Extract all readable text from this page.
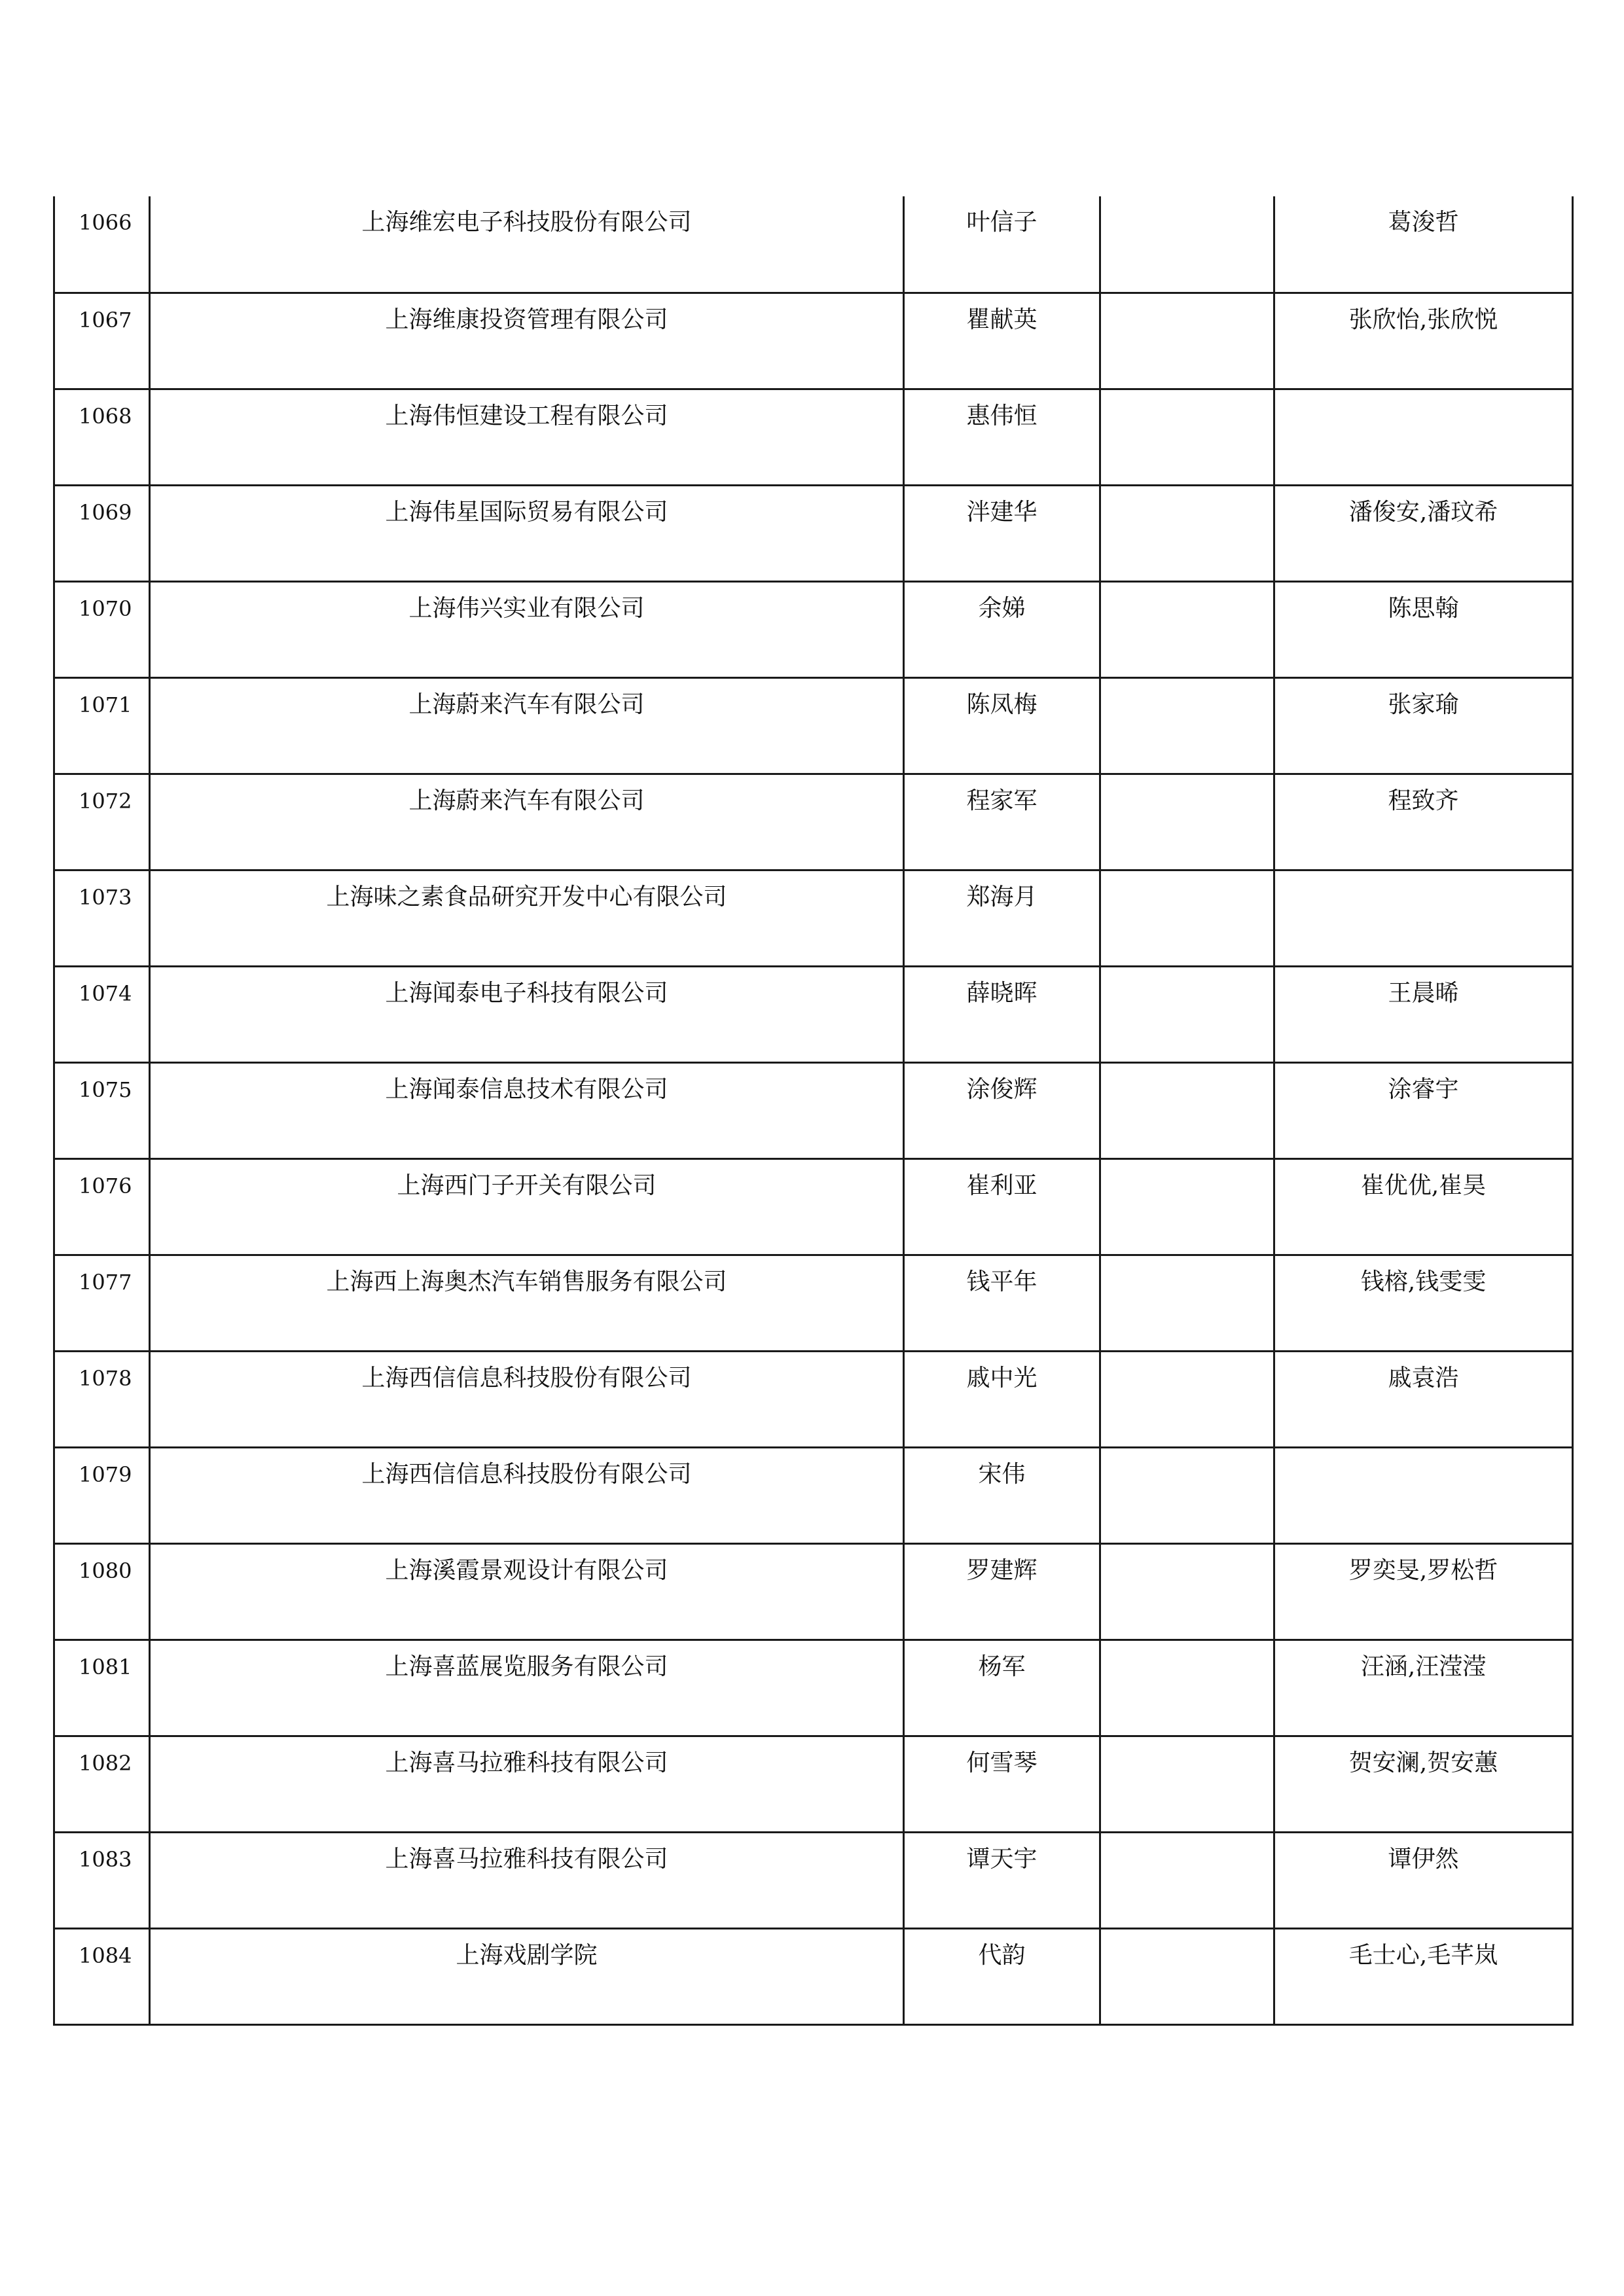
1066	上海维宏电子科技股份有限公司	叶信子		葛浚哲
1067	上海维康投资管理有限公司	瞿献英		张欣怡,张欣悦
1068	上海伟恒建设工程有限公司	惠伟恒		
1069	上海伟星国际贸易有限公司	泮建华		潘俊安,潘玟希
1070	上海伟兴实业有限公司	余娣		陈思翰
1071	上海蔚来汽车有限公司	陈凤梅		张家瑜
1072	上海蔚来汽车有限公司	程家军		程致齐
1073	上海味之素食品研究开发中心有限公司	郑海月		
1074	上海闻泰电子科技有限公司	薛晓晖		王晨晞
1075	上海闻泰信息技术有限公司	涂俊辉		涂睿宇
1076	上海西门子开关有限公司	崔利亚		崔优优,崔昊
1077	上海西上海奥杰汽车销售服务有限公司	钱平年		钱榕,钱雯雯
1078	上海西信信息科技股份有限公司	戚中光		戚袁浩
1079	上海西信信息科技股份有限公司	宋伟		
1080	上海溪霞景观设计有限公司	罗建辉		罗奕旻,罗松哲
1081	上海喜蓝展览服务有限公司	杨军		汪涵,汪滢滢
1082	上海喜马拉雅科技有限公司	何雪琴		贺安澜,贺安蕙
1083	上海喜马拉雅科技有限公司	谭天宇		谭伊然
1084	上海戏剧学院	代韵		毛士心,毛芊岚
